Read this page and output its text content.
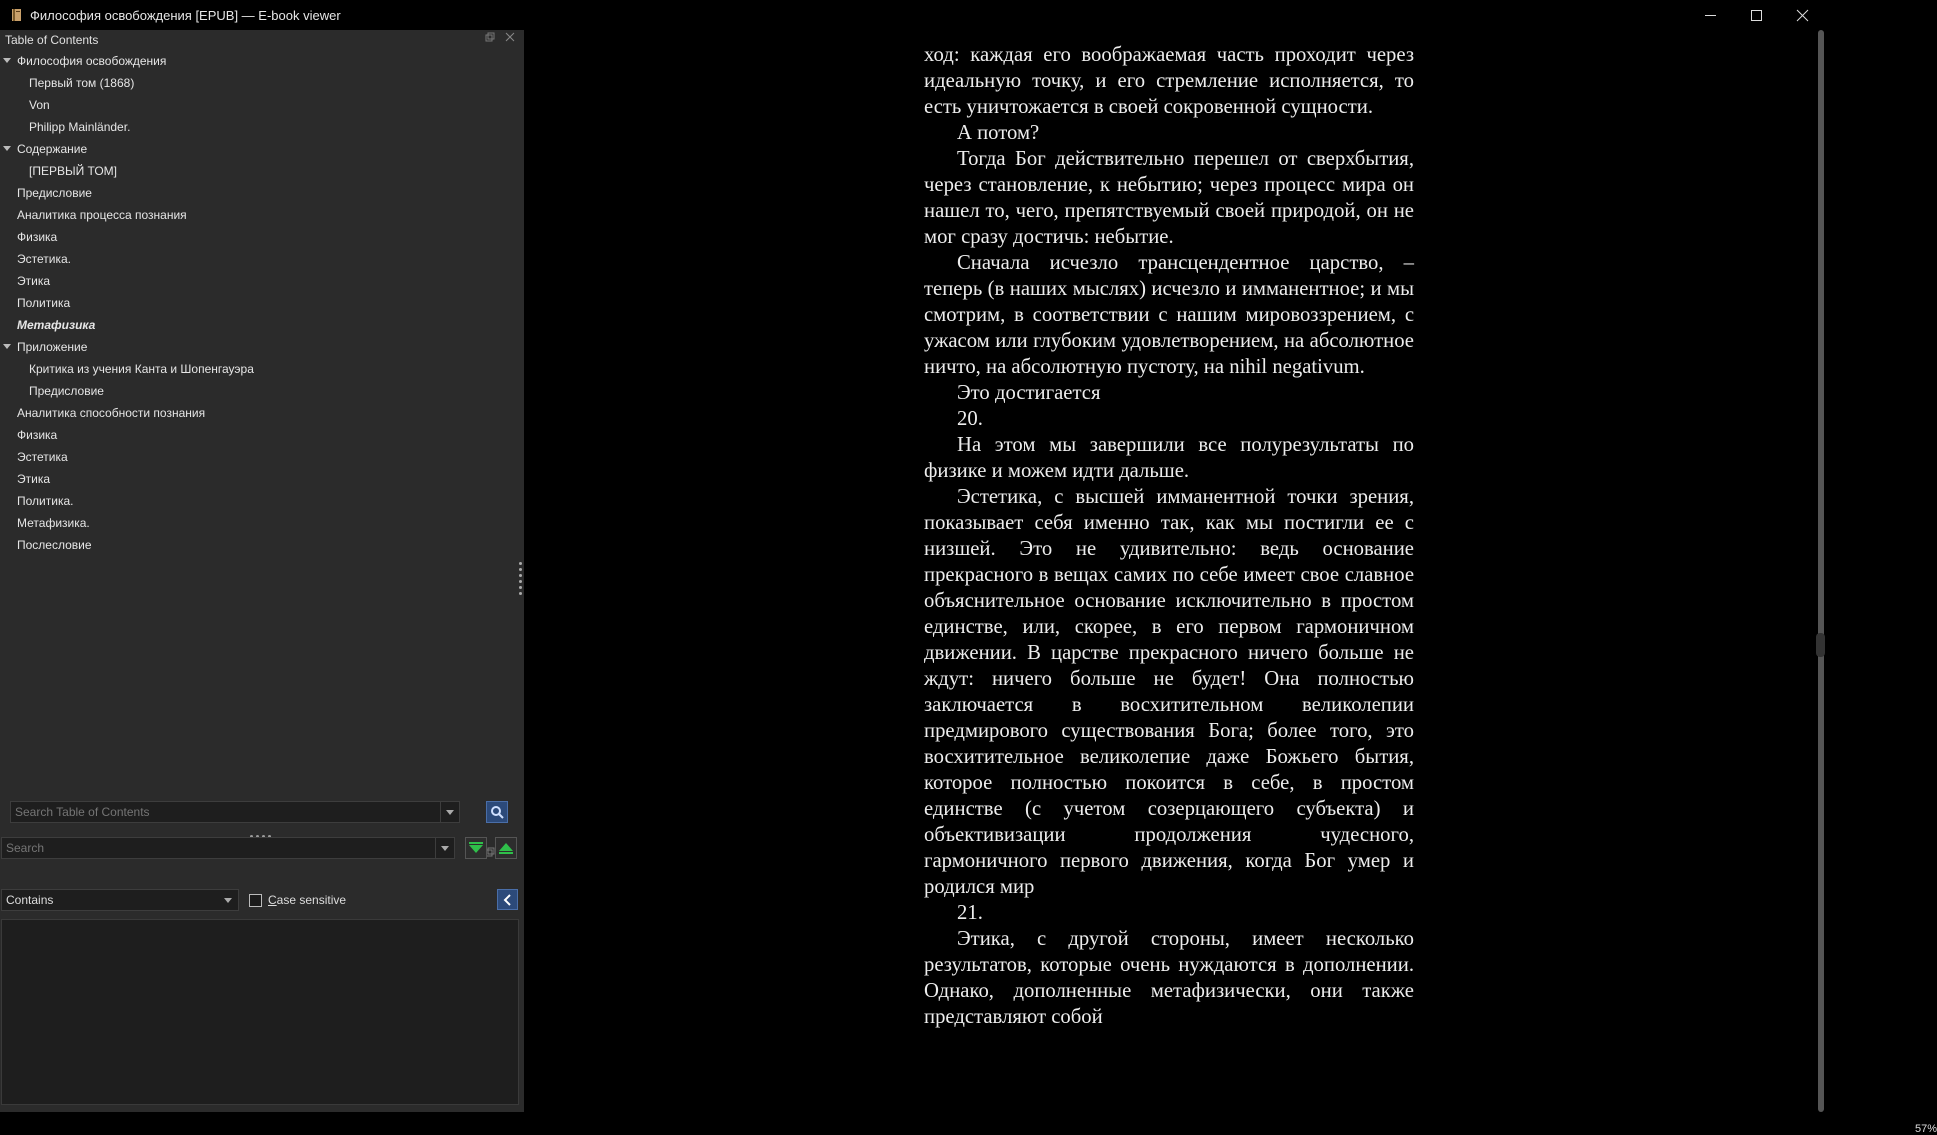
Философия освобождения [EPUB] — E-book viewer
Table of Contents
Философия освобождения
Первый том (1868)
Von
Philipp Mainländer.
Содержание
[ПЕРВЫЙ ТОМ]
Предисловие
Аналитика процесса познания
Физика
Эстетика.
Этика
Политика
Метафизика
Приложение
Критика из учения Канта и Шопенгауэра
Предисловие
Аналитика способности познания
Физика
Эстетика
Этика
Политика.
Метафизика.
Послесловие
Search Table of Contents
Search
Contains	Case sensitive

ход: каждая его воображаемая часть проходит через идеальную точку, и его стремление исполняется, то есть уничтожается в своей сокровенной сущности.

А потом?

Тогда Бог действительно перешел от сверхбытия, через становление, к небытию; через процесс мира он нашел то, чего, препятствуемый своей природой, он не мог сразу достичь: небытие.

Сначала исчезло трансцендентное царство, – теперь (в наших мыслях) исчезло и имманентное; и мы смотрим, в соответствии с нашим мировоззрением, с ужасом или глубоким удовлетворением, на абсолютное ничто, на абсолютную пустоту, на nihil negativum.

Это достигается

20.

На этом мы завершили все полурезультаты по физике и можем идти дальше.

Эстетика, с высшей имманентной точки зрения, показывает себя именно так, как мы постигли ее с низшей. Это не удивительно: ведь основание прекрасного в вещах самих по себе имеет свое славное объяснительное основание исключительно в простом единстве, или, скорее, в его первом гармоничном движении. В царстве прекрасного ничего больше не ждут: ничего больше не будет! Она полностью заключается в восхитительном великолепии предмирового существования Бога; более того, это восхитительное великолепие даже Божьего бытия, которое полностью покоится в себе, в простом единстве (с учетом созерцающего субъекта) и объективизации продолжения чудесного, гармоничного первого движения, когда Бог умер и родился мир

21.

Этика, с другой стороны, имеет несколько результатов, которые очень нуждаются в дополнении. Однако, дополненные метафизически, они также представляют собой

57%
